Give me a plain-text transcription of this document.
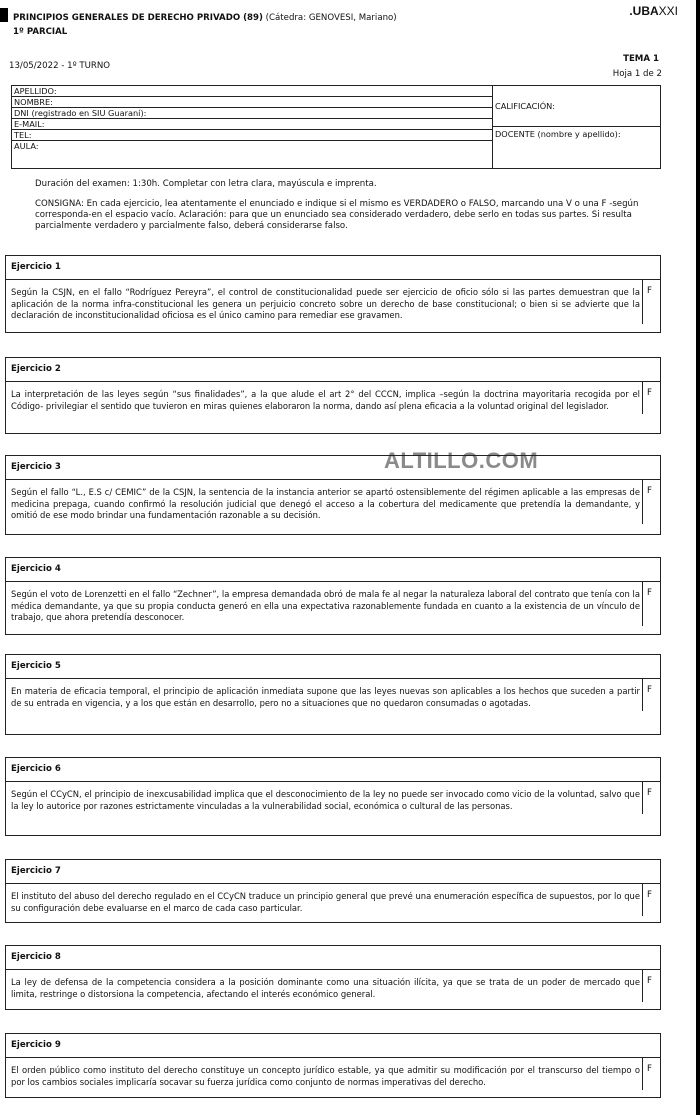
PRINCIPIOS GENERALES DE DERECHO PRIVADO (89) (Cátedra: GENOVESI, Mariano)
1º PARCIAL
.UBAXXI
13/05/2022 - 1º TURNO
TEMA 1
Hoja 1 de 2
APELLIDO:
NOMBRE:
DNI (registrado en SIU Guaraní):
E-MAIL:
TEL:
AULA:
CALIFICACIÓN:
DOCENTE (nombre y apellido):
Duración del examen: 1:30h. Completar con letra clara, mayúscula e imprenta.
CONSIGNA: En cada ejercicio, lea atentamente el enunciado e indique si el mismo es VERDADERO o FALSO, marcando una V o una F -según corresponda-en el espacio vacío. Aclaración: para que un enunciado sea considerado verdadero, debe serlo en todas sus partes. Si resulta parcialmente verdadero y parcialmente falso, deberá considerarse falso.
ALTILLO.COM
Ejercicio 1
Según la CSJN, en el fallo “Rodríguez Pereyra”, el control de constitucionalidad puede ser ejercicio de oficio sólo si las partes demuestran que la aplicación de la norma infra-constitucional les genera un perjuicio concreto sobre un derecho de base constitucional; o bien si se advierte que la declaración de inconstitucionalidad oficiosa es el único camino para remediar ese gravamen.
F
Ejercicio 2
La interpretación de las leyes según “sus finalidades”, a la que alude el art 2° del CCCN, implica –según la doctrina mayoritaria recogida por el Código- privilegiar el sentido que tuvieron en miras quienes elaboraron la norma, dando así plena eficacia a la voluntad original del legislador.
F
Ejercicio 3
Según el fallo “L., E.S c/ CEMIC” de la CSJN, la sentencia de la instancia anterior se apartó ostensiblemente del régimen aplicable a las empresas de medicina prepaga, cuando confirmó la resolución judicial que denegó el acceso a la cobertura del medicamente que pretendía la demandante, y omitió de ese modo brindar una fundamentación razonable a su decisión.
F
Ejercicio 4
Según el voto de Lorenzetti en el fallo “Zechner”, la empresa demandada obró de mala fe al negar la naturaleza laboral del contrato que tenía con la médica demandante, ya que su propia conducta generó en ella una expectativa razonablemente fundada en cuanto a la existencia de un vínculo de trabajo, que ahora pretendía desconocer.
F
Ejercicio 5
En materia de eficacia temporal, el principio de aplicación inmediata supone que las leyes nuevas son aplicables a los hechos que suceden a partir de su entrada en vigencia, y a los que están en desarrollo, pero no a situaciones que no quedaron consumadas o agotadas.
F
Ejercicio 6
Según el CCyCN, el principio de inexcusabilidad implica que el desconocimiento de la ley no puede ser invocado como vicio de la voluntad, salvo que la ley lo autorice por razones estrictamente vinculadas a la vulnerabilidad social, económica o cultural de las personas.
F
Ejercicio 7
El instituto del abuso del derecho regulado en el CCyCN traduce un principio general que prevé una enumeración específica de supuestos, por lo que su configuración debe evaluarse en el marco de cada caso particular.
F
Ejercicio 8
La ley de defensa de la competencia considera a la posición dominante como una situación ilícita, ya que se trata de un poder de mercado que limita, restringe o distorsiona la competencia, afectando el interés económico general.
F
Ejercicio 9
El orden público como instituto del derecho constituye un concepto jurídico estable, ya que admitir su modificación por el transcurso del tiempo o por los cambios sociales implicaría socavar su fuerza jurídica como conjunto de normas imperativas del derecho.
F
